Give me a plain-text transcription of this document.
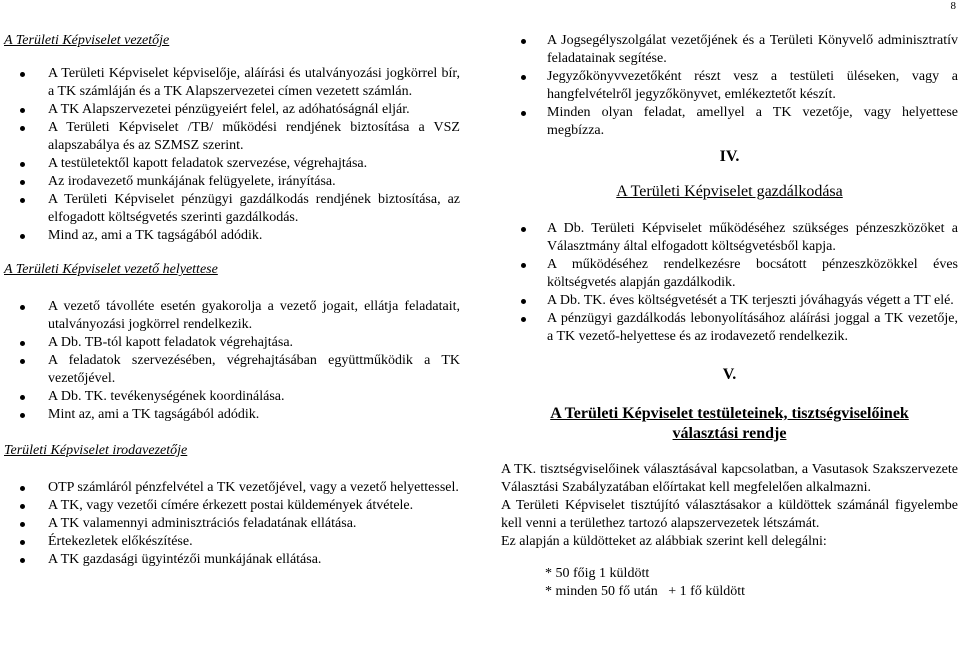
8
A Területi Képviselet vezetője
A Területi Képviselet képviselője, aláírási és utalványozási jogkörrel bír, a TK számláján és a TK Alapszervezetei címen vezetett számlán.
A TK Alapszervezetei pénzügyeiért felel, az adóhatóságnál eljár.
A Területi Képviselet /TB/ működési rendjének biztosítása a VSZ alapszabálya és az SZMSZ szerint.
A testületektől kapott feladatok szervezése, végrehajtása.
Az irodavezető munkájának felügyelete, irányítása.
A Területi Képviselet pénzügyi gazdálkodás rendjének biztosítása, az elfogadott költségvetés szerinti gazdálkodás.
Mind az, ami a TK tagságából adódik.
A Területi Képviselet vezető helyettese
A vezető távolléte esetén gyakorolja a vezető jogait, ellátja feladatait, utalványozási jogkörrel rendelkezik.
A Db. TB-tól kapott feladatok végrehajtása.
A feladatok szervezésében, végrehajtásában együttműködik a TK vezetőjével.
A Db. TK. tevékenységének koordinálása.
Mint az, ami a TK tagságából adódik.
Területi Képviselet irodavezetője
OTP számláról pénzfelvétel a TK vezetőjével, vagy a vezető helyettessel.
A TK, vagy vezetői címére érkezett postai küldemények átvétele.
A TK valamennyi adminisztrációs feladatának ellátása.
Értekezletek előkészítése.
A TK gazdasági ügyintézői munkájának ellátása.
A Jogsegélyszolgálat vezetőjének és a Területi Könyvelő adminisztratív feladatainak segítése.
Jegyzőkönyvvezetőként részt vesz a testületi üléseken, vagy a hangfelvételről jegyzőkönyvet, emlékeztetőt készít.
Minden olyan feladat, amellyel a TK vezetője, vagy helyettese megbízza.
IV.
A Területi Képviselet gazdálkodása
A Db. Területi Képviselet működéséhez szükséges pénzeszközöket a Választmány által elfogadott költségvetésből kapja.
A működéséhez rendelkezésre bocsátott pénzeszközökkel éves költségvetés alapján gazdálkodik.
A Db. TK. éves költségvetését a TK terjeszti jóváhagyás végett a TT elé.
A pénzügyi gazdálkodás lebonyolításához aláírási joggal a TK vezetője, a TK vezető-helyettese és az irodavezető rendelkezik.
V.
A Területi Képviselet testületeinek, tisztségviselőinek
választási rendje

A TK. tisztségviselőinek választásával kapcsolatban, a Vasutasok Szakszervezete Választási Szabályzatában előírtakat kell megfelelően alkalmazni.

A Területi Képviselet tisztújító választásakor a küldöttek számánál figyelembe kell venni a területhez tartozó alapszervezetek létszámát.

Ez alapján a küldötteket az alábbiak szerint kell delegálni:

* 50 főig 1 küldött

* minden 50 fő után   + 1 fő küldött
